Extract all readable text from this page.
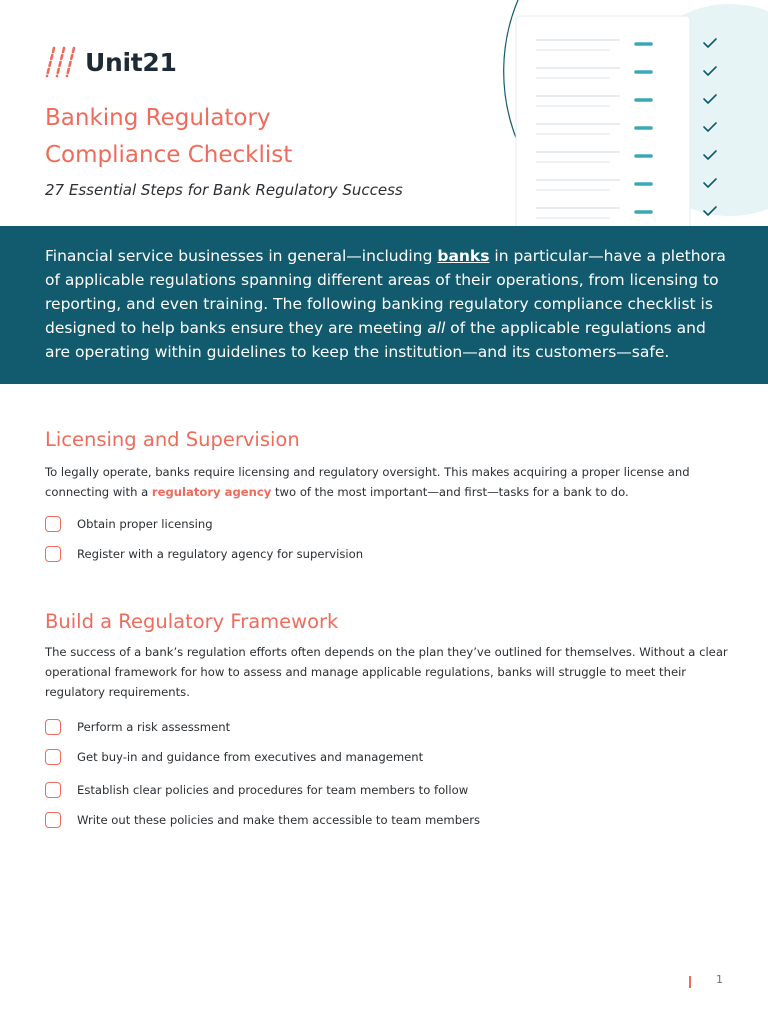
Unit21
Banking Regulatory
Compliance Checklist

27 Essential Steps for Bank Regulatory Success

Financial service businesses in general—including banks in particular—have a plethora of applicable regulations spanning different areas of their operations, from licensing to reporting, and even training. The following banking regulatory compliance checklist is designed to help banks ensure they are meeting all of the applicable regulations and are operating within guidelines to keep the institution—and its customers—safe.

Licensing and Supervision

To legally operate, banks require licensing and regulatory oversight. This makes acquiring a proper license and connecting with a regulatory agency two of the most important—and first—tasks for a bank to do.

Obtain proper licensing
Register with a regulatory agency for supervision
Build a Regulatory Framework

The success of a bank’s regulation efforts often depends on the plan they’ve outlined for themselves. Without a clear operational framework for how to assess and manage applicable regulations, banks will struggle to meet their regulatory requirements.

Perform a risk assessment
Get buy-in and guidance from executives and management
Establish clear policies and procedures for team members to follow
Write out these policies and make them accessible to team members
1
